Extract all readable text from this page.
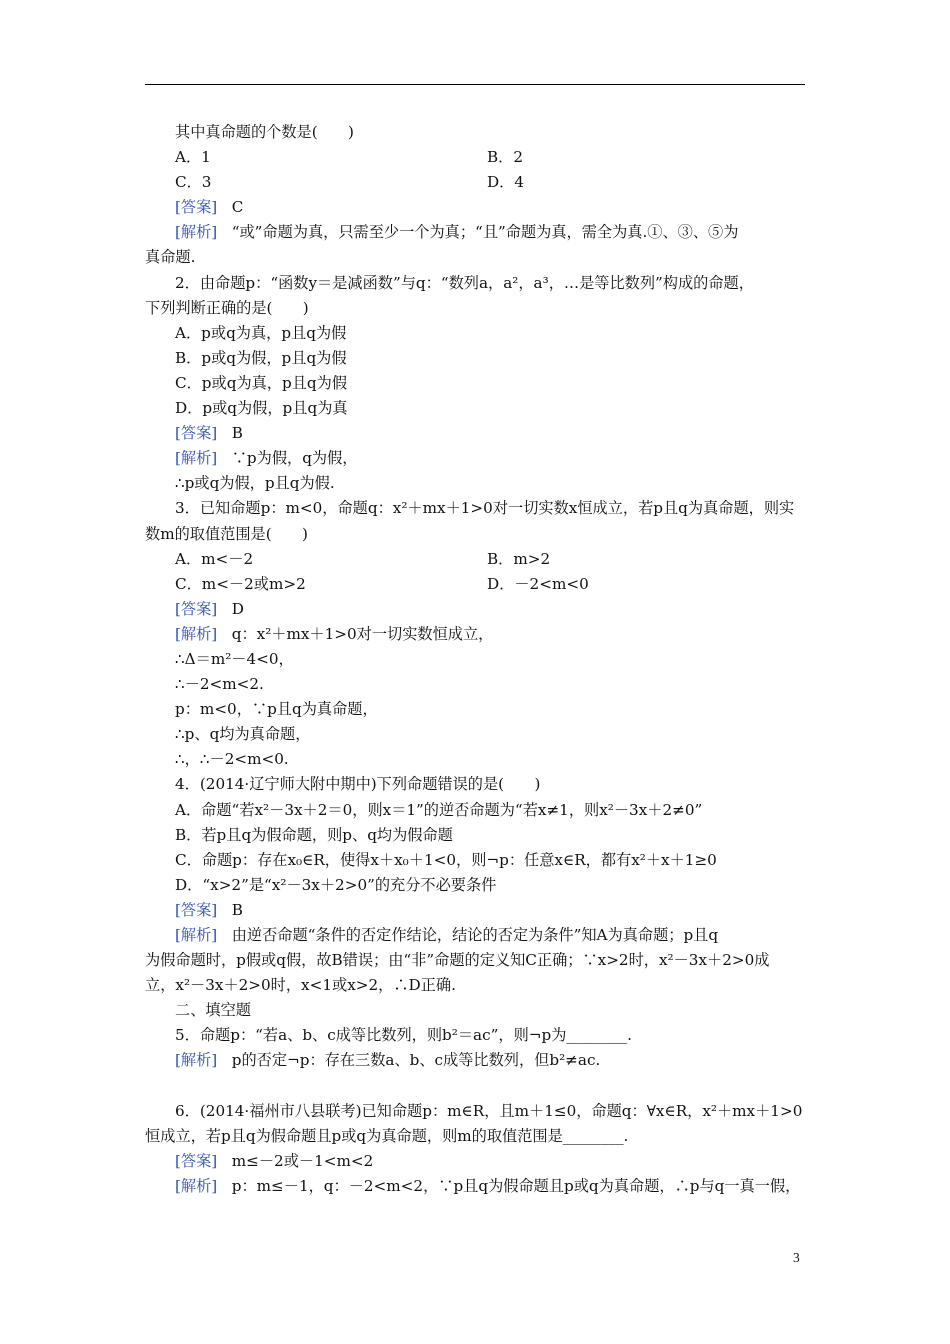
其中真命题的个数是(　　)
A．1	B．2
C．3	D．4
[答案] C
[解析] “或”命题为真，只需至少一个为真；“且”命题为真，需全为真.①、③、⑤为
真命题.
2．由命题p：“函数y＝是减函数”与q：“数列a，a²，a³，…是等比数列”构成的命题，
下列判断正确的是(　　)
A．p或q为真，p且q为假
B．p或q为假，p且q为假
C．p或q为真，p且q为假
D．p或q为假，p且q为真
[答案] B
[解析] ∵p为假，q为假，
∴p或q为假，p且q为假.
3．已知命题p：m<0，命题q：x²＋mx＋1>0对一切实数x恒成立，若p且q为真命题，则实
数m的取值范围是(　　)
A．m<－2	B．m>2
C．m<－2或m>2	D．－2<m<0
[答案] D
[解析] q：x²＋mx＋1>0对一切实数恒成立，
∴Δ＝m²－4<0，
∴－2<m<2.
p：m<0，∵p且q为真命题，
∴p、q均为真命题，
∴，∴－2<m<0.
4．(2014·辽宁师大附中期中)下列命题错误的是(　　)
A．命题“若x²－3x＋2＝0，则x＝1”的逆否命题为“若x≠1，则x²－3x＋2≠0”
B．若p且q为假命题，则p、q均为假命题
C．命题p：存在x₀∈R，使得x＋x₀＋1<0，则¬p：任意x∈R，都有x²＋x＋1≥0
D．“x>2”是“x²－3x＋2>0”的充分不必要条件
[答案] B
[解析] 由逆否命题“条件的否定作结论，结论的否定为条件”知A为真命题；p且q
为假命题时，p假或q假，故B错误；由“非”命题的定义知C正确；∵x>2时，x²－3x＋2>0成
立，x²－3x＋2>0时，x<1或x>2，∴D正确.
二、填空题
5．命题p：“若a、b、c成等比数列，则b²＝ac”，则¬p为________.
[解析] p的否定¬p：存在三数a、b、c成等比数列，但b²≠ac.
6．(2014·福州市八县联考)已知命题p：m∈R，且m＋1≤0，命题q：∀x∈R，x²＋mx＋1>0
恒成立，若p且q为假命题且p或q为真命题，则m的取值范围是________.
[答案] m≤－2或－1<m<2
[解析] p：m≤－1，q：－2<m<2，∵p且q为假命题且p或q为真命题，∴p与q一真一假，
3
